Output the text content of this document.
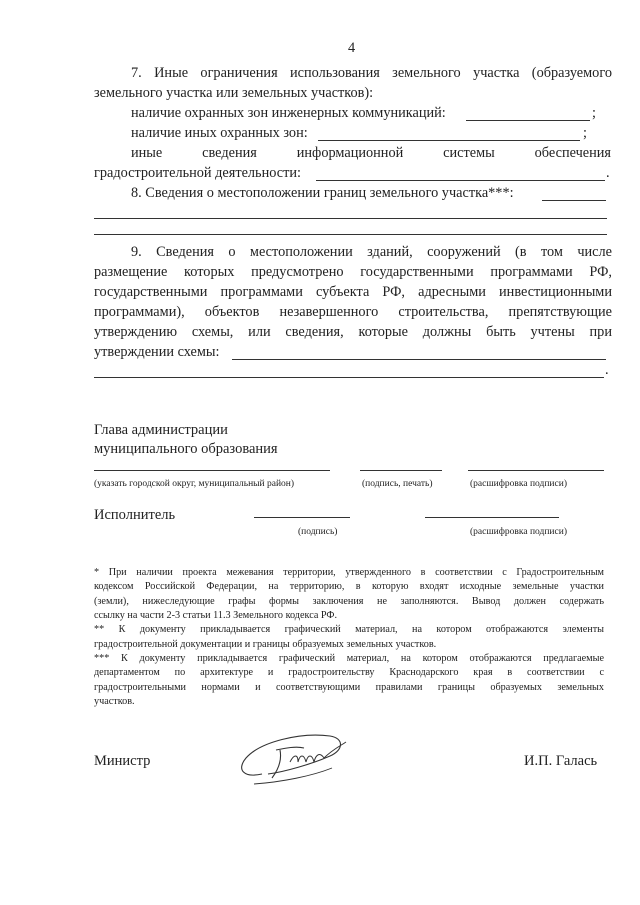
4
7. Иные ограничения использования земельного участка (образуемого
земельного участка или земельных участков):
наличие охранных зон инженерных коммуникаций:	;
наличие иных охранных зон:	;
иные	сведения	информационной	системы	обеспечения
градостроительной деятельности:	.
8. Сведения о местоположении границ земельного участка***:
9. Сведения о местоположении зданий, сооружений (в том числе
размещение которых предусмотрено государственными программами РФ,
государственными программами субъекта РФ, адресными инвестиционными
программами), объектов незавершенного строительства, препятствующие
утверждению схемы, или сведения, которые должны быть учтены при
утверждении схемы:
.
Глава администрации
муниципального образования
(указать городской округ, муниципальный район)	(подпись, печать)	(расшифровка подписи)
Исполнитель
(подпись)	(расшифровка подписи)
* При наличии проекта межевания территории, утвержденного в соответствии с Градостроительным
кодексом Российской Федерации, на территорию, в которую входят исходные земельные участки
(земли), нижеследующие графы формы заключения не заполняются. Вывод должен содержать
ссылку на части 2-3 статьи 11.3 Земельного кодекса РФ.
** К документу прикладывается графический материал, на котором отображаются элементы
градостроительной документации и границы образуемых земельных участков.
*** К документу прикладывается графический материал, на котором отображаются предлагаемые
департаментом по архитектуре и градостроительству Краснодарского края в соответствии с
градостроительными нормами и соответствующими правилами границы образуемых земельных
участков.
Министр	И.П. Галась
